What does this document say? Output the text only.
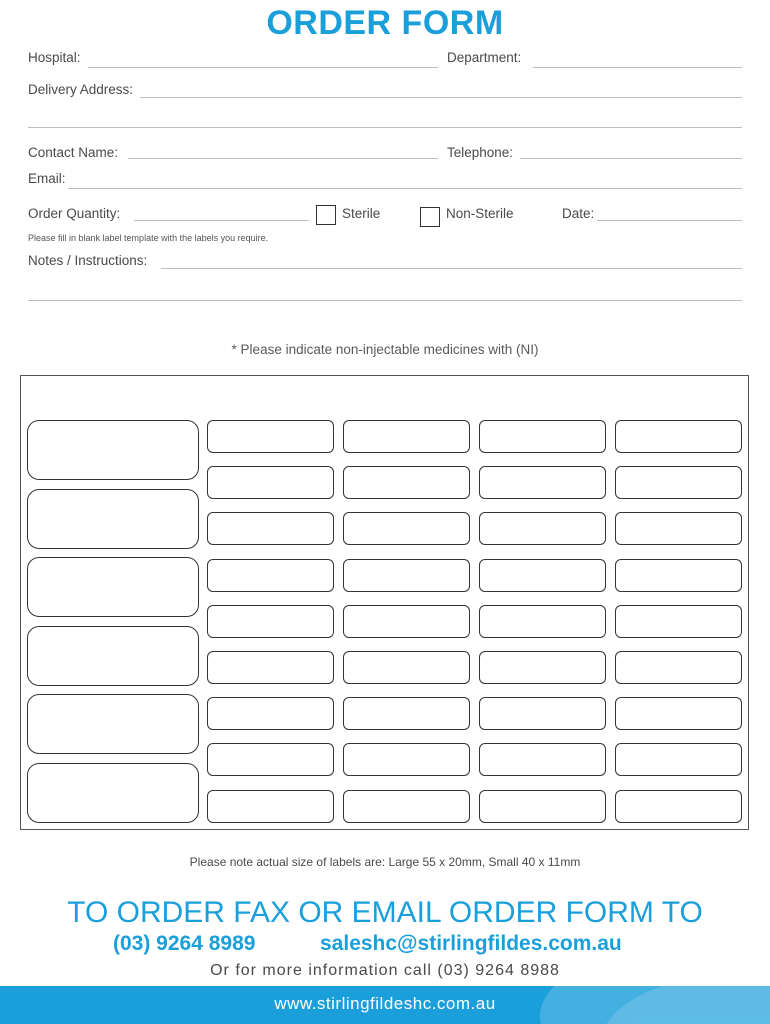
ORDER FORM
Hospital:	Department:
Delivery Address:
Contact Name:	Telephone:
Email:
Order Quantity:	Sterile	Non-Sterile	Date:
Please fill in blank label template with the labels you require.
Notes / Instructions:
* Please indicate non-injectable medicines with (NI)
Please note actual size of labels are: Large 55 x 20mm, Small 40 x 11mm
TO ORDER FAX OR EMAIL ORDER FORM TO
(03) 9264 8989	saleshc@stirlingfildes.com.au
Or for more information call (03) 9264 8988
www.stirlingfildeshc.com.au
